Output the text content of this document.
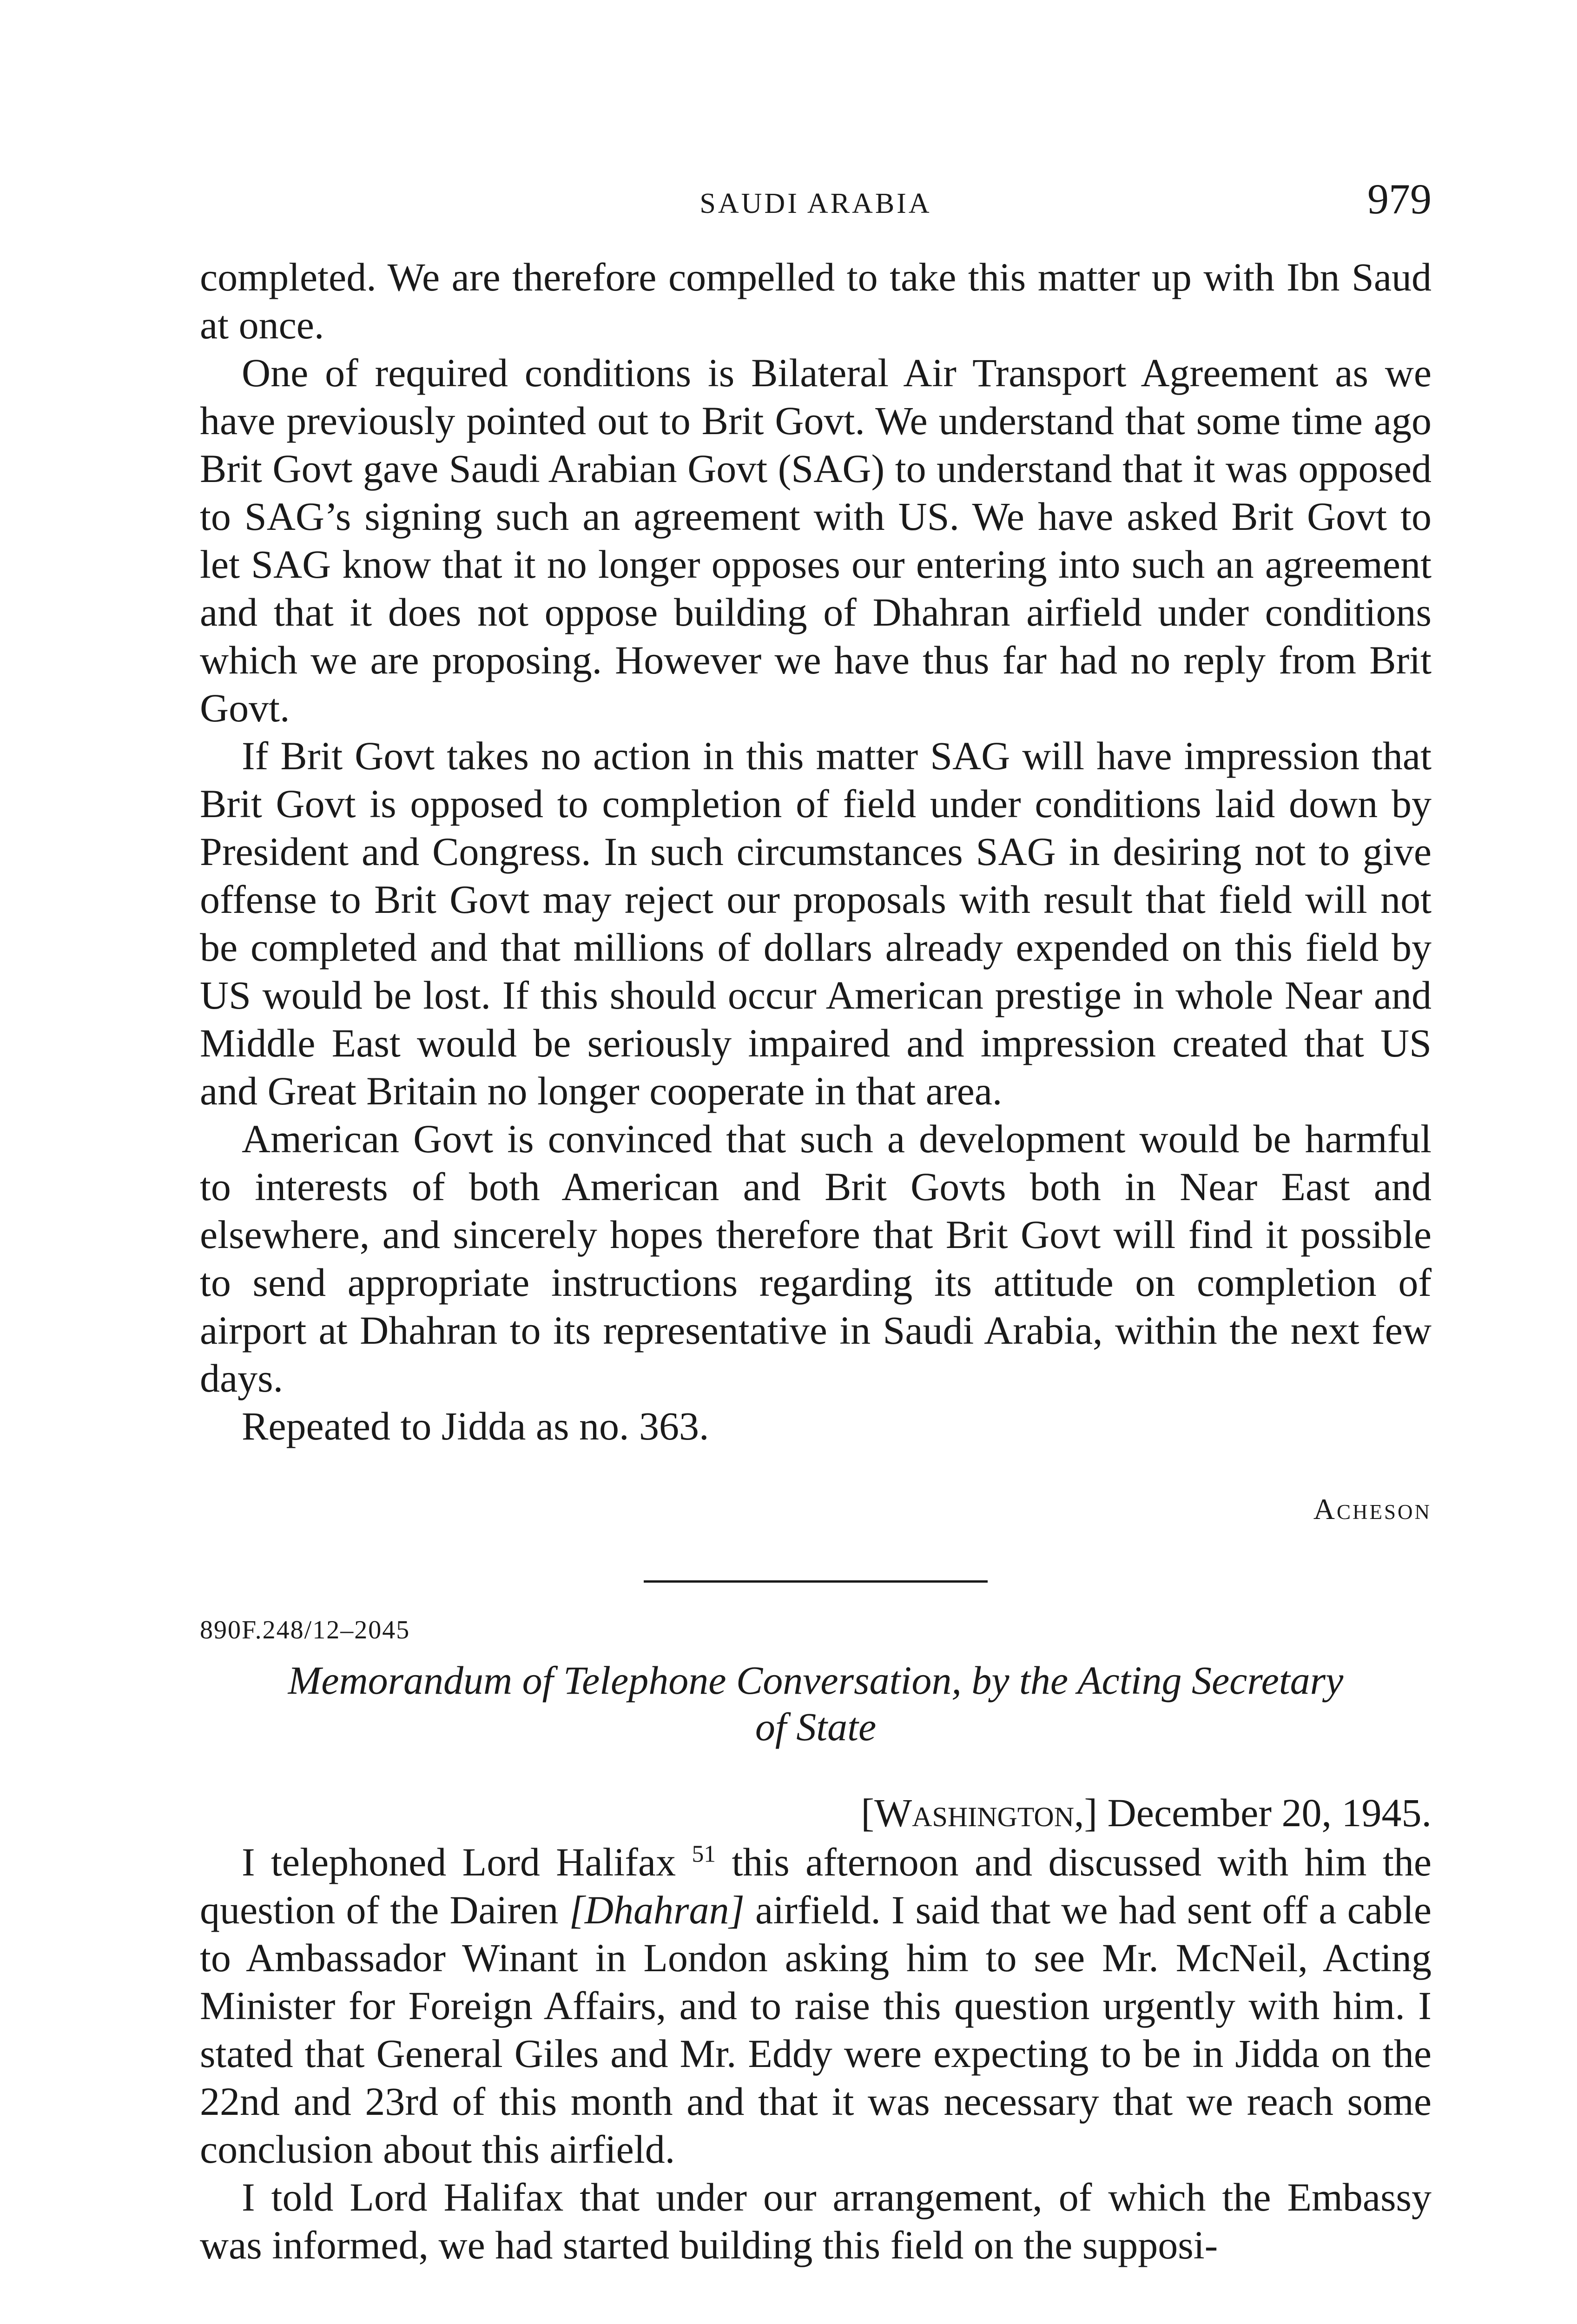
SAUDI ARABIA	979

completed. We are therefore compelled to take this matter up with Ibn Saud at once.

One of required conditions is Bilateral Air Transport Agreement as we have previously pointed out to Brit Govt. We understand that some time ago Brit Govt gave Saudi Arabian Govt (SAG) to understand that it was opposed to SAG’s signing such an agreement with US. We have asked Brit Govt to let SAG know that it no longer opposes our entering into such an agreement and that it does not oppose building of Dhahran airfield under conditions which we are proposing. However we have thus far had no reply from Brit Govt.

If Brit Govt takes no action in this matter SAG will have impression that Brit Govt is opposed to completion of field under conditions laid down by President and Congress. In such circumstances SAG in desiring not to give offense to Brit Govt may reject our proposals with result that field will not be completed and that millions of dollars already expended on this field by US would be lost. If this should occur American prestige in whole Near and Middle East would be seriously impaired and impression created that US and Great Britain no longer cooperate in that area.

American Govt is convinced that such a development would be harmful to interests of both American and Brit Govts both in Near East and elsewhere, and sincerely hopes therefore that Brit Govt will find it possible to send appropriate instructions regarding its attitude on completion of airport at Dhahran to its representative in Saudi Arabia, within the next few days.

Repeated to Jidda as no. 363.

Acheson
890F.248/12–2045
Memorandum of Telephone Conversation, by the Acting Secretary
of State
[Washington,] December 20, 1945.

I telephoned Lord Halifax $^{51}$ this afternoon and discussed with him the question of the Dairen [Dhahran] airfield. I said that we had sent off a cable to Ambassador Winant in London asking him to see Mr. McNeil, Acting Minister for Foreign Affairs, and to raise this question urgently with him. I stated that General Giles and Mr. Eddy were expecting to be in Jidda on the 22nd and 23rd of this month and that it was necessary that we reach some conclusion about this airfield.

I told Lord Halifax that under our arrangement, of which the Embassy was informed, we had started building this field on the supposi-
